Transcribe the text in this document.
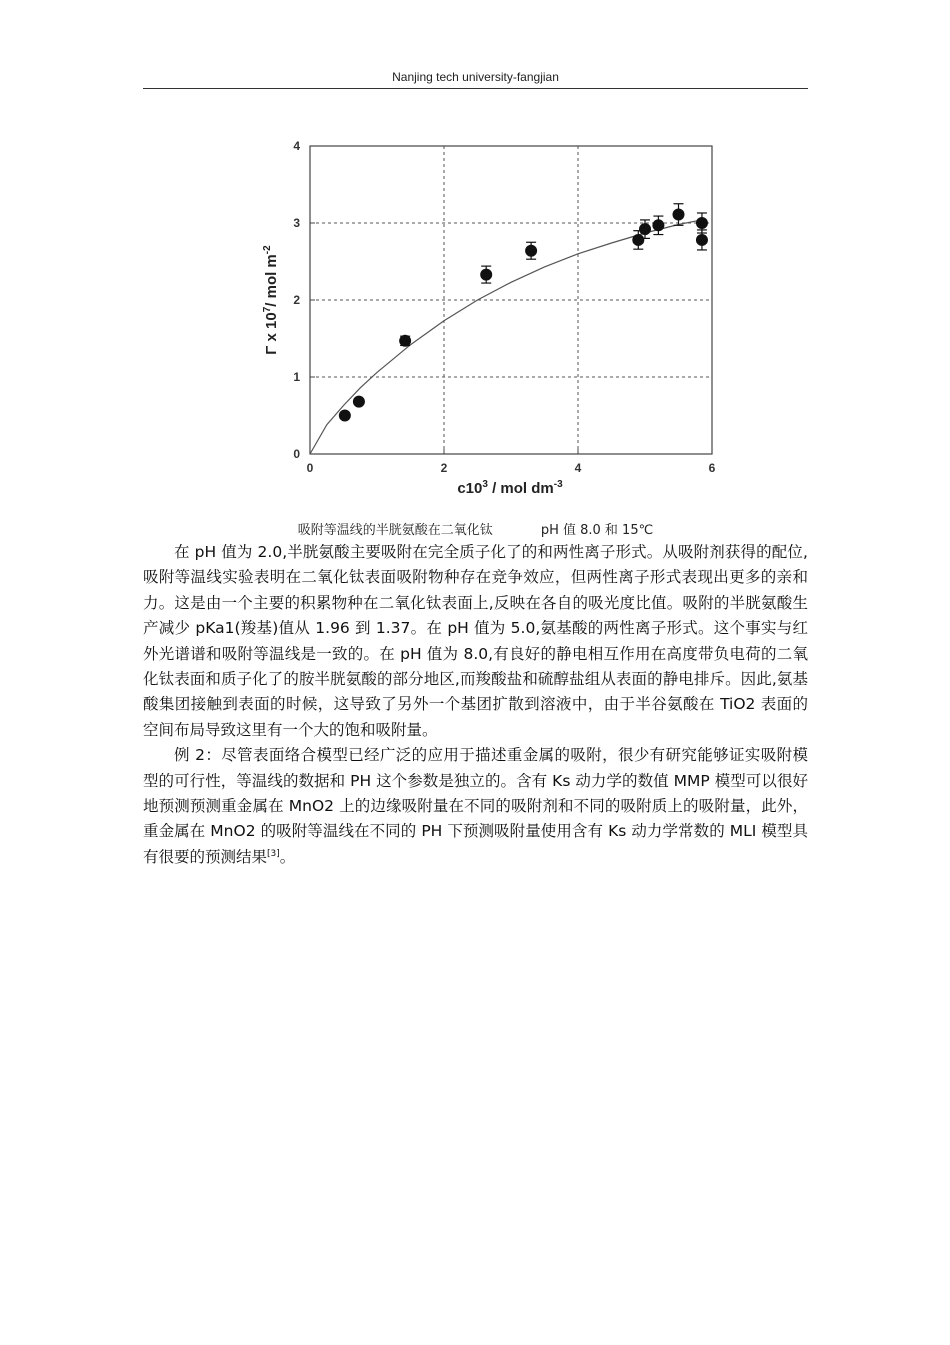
Nanjing tech university-fangjian
0	2	4	6
0
1
2
3
4
Γ x $10^7/$ mol $m^{-2}$
$c10^3$ / mol $dm^{-3}$
吸附等温线的半胱氨酸在二氧化钛	pH 值 8.0 和 15℃

在 pH 值为 2.0,半胱氨酸主要吸附在完全质子化了的和两性离子形式。从吸附剂获得的配位,吸附等温线实验表明在二氧化钛表面吸附物种存在竞争效应，但两性离子形式表现出更多的亲和力。这是由一个主要的积累物种在二氧化钛表面上,反映在各自的吸光度比值。吸附的半胱氨酸生产减少 pKa1(羧基)值从 1.96 到 1.37。在 pH 值为 5.0,氨基酸的两性离子形式。这个事实与红外光谱谱和吸附等温线是一致的。在 pH 值为 8.0,有良好的静电相互作用在高度带负电荷的二氧化钛表面和质子化了的胺半胱氨酸的部分地区,而羧酸盐和硫醇盐组从表面的静电排斥。因此,氨基酸集团接触到表面的时候，这导致了另外一个基团扩散到溶液中，由于半谷氨酸在 TiO2 表面的空间布局导致这里有一个大的饱和吸附量。

例 2：尽管表面络合模型已经广泛的应用于描述重金属的吸附，很少有研究能够证实吸附模型的可行性，等温线的数据和 PH 这个参数是独立的。含有 Ks 动力学的数值 MMP 模型可以很好地预测预测重金属在 MnO2 上的边缘吸附量在不同的吸附剂和不同的吸附质上的吸附量，此外，重金属在 MnO2 的吸附等温线在不同的 PH 下预测吸附量使用含有 Ks 动力学常数的 MLI 模型具有很要的预测结果[3]。
